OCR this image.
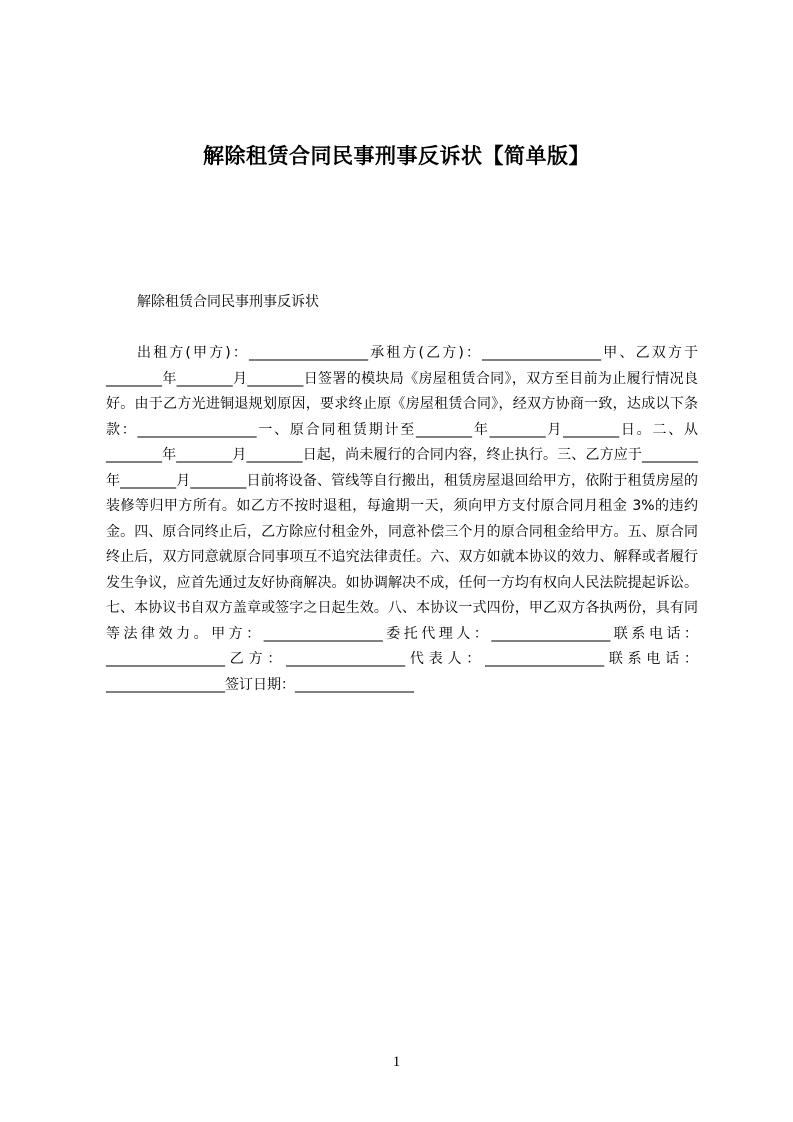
解除租赁合同民事刑事反诉状【简单版】

解除租赁合同民事刑事反诉状

出租方(甲方)：_________________承租方(乙方)：_________________甲、乙双方于________年________月________日签署的模块局《房屋租赁合同》，双方至目前为止履行情况良好。由于乙方光进铜退规划原因，要求终止原《房屋租赁合同》，经双方协商一致，达成以下条款：_________________一、原合同租赁期计至________年________月________日。二、从________年________月________日起，尚未履行的合同内容，终止执行。三、乙方应于________年________月________日前将设备、管线等自行搬出，租赁房屋退回给甲方，依附于租赁房屋的装修等归甲方所有。如乙方不按时退租，每逾期一天，须向甲方支付原合同月租金 3%的违约金。四、原合同终止后，乙方除应付租金外，同意补偿三个月的原合同租金给甲方。五、原合同终止后，双方同意就原合同事项互不追究法律责任。六、双方如就本协议的效力、解释或者履行发生争议，应首先通过友好协商解决。如协调解决不成，任何一方均有权向人民法院提起诉讼。七、本协议书自双方盖章或签字之日起生效。八、本协议一式四份，甲乙双方各执两份，具有同等法律效力。甲方：_________________委托代理人：_________________联系电话：_________________乙方：_________________代表人：_________________联系电话：_________________签订日期：_________________

1
